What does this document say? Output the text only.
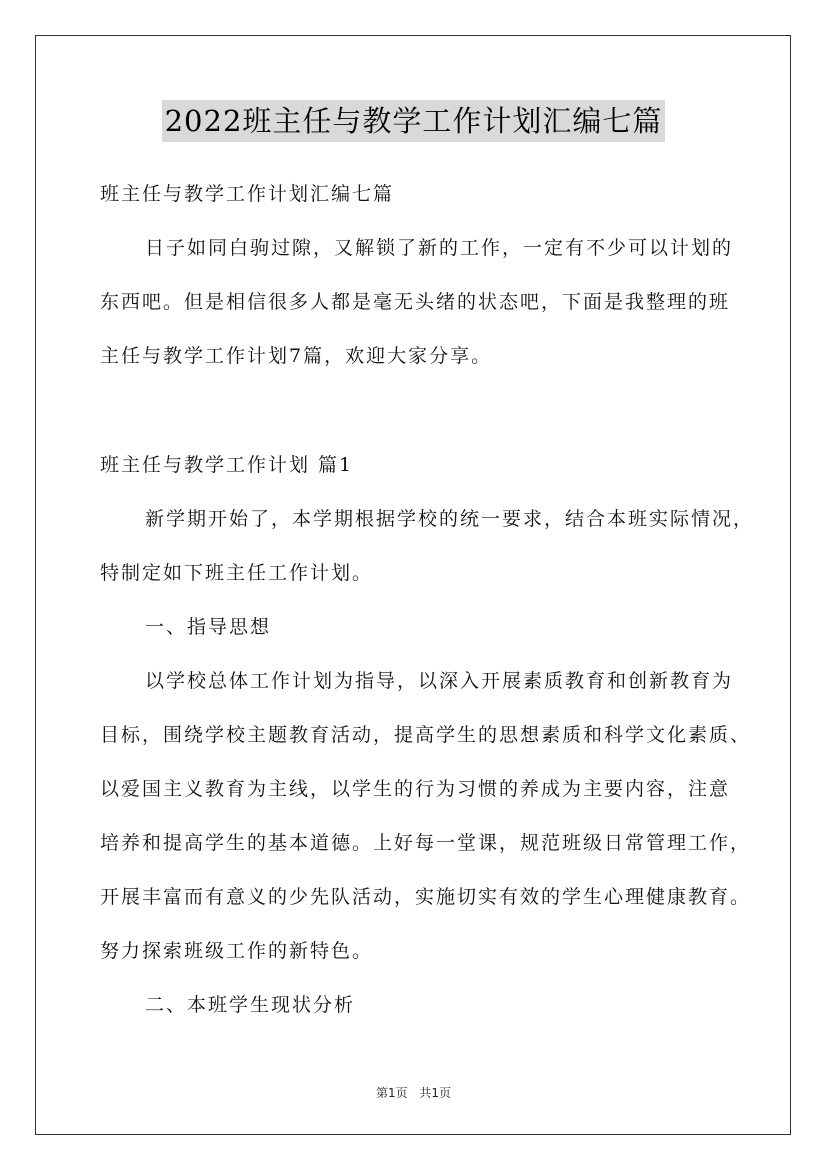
2022班主任与教学工作计划汇编七篇
班主任与教学工作计划汇编七篇
日子如同白驹过隙，又解锁了新的工作，一定有不少可以计划的
东西吧。但是相信很多人都是毫无头绪的状态吧，下面是我整理的班
主任与教学工作计划7篇，欢迎大家分享。
班主任与教学工作计划 篇1
新学期开始了，本学期根据学校的统一要求，结合本班实际情况，
特制定如下班主任工作计划。
一、指导思想
以学校总体工作计划为指导，以深入开展素质教育和创新教育为
目标，围绕学校主题教育活动，提高学生的思想素质和科学文化素质、
以爱国主义教育为主线，以学生的行为习惯的养成为主要内容，注意
培养和提高学生的基本道德。上好每一堂课，规范班级日常管理工作，
开展丰富而有意义的少先队活动，实施切实有效的学生心理健康教育。
努力探索班级工作的新特色。
二、本班学生现状分析
第1页 共1页
